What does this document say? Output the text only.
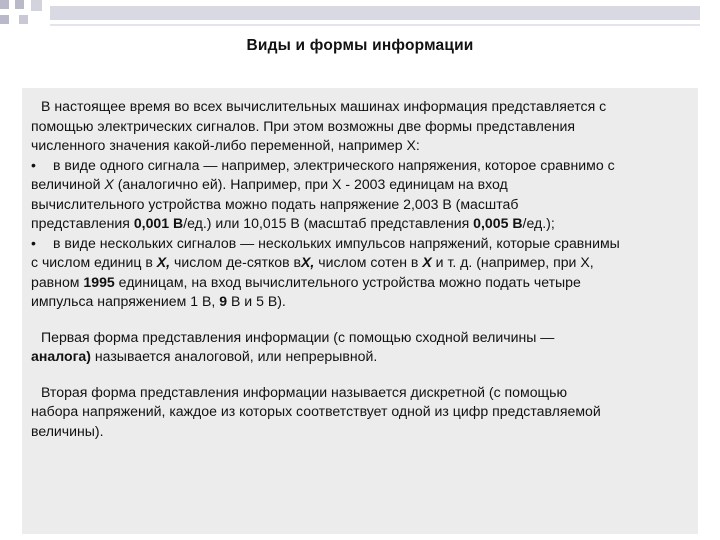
Виды и формы информации

В настоящее время во всех вычислительных машинах информация представляется с
помощью электрических сигналов. При этом возможны две формы представления
численного значения какой-либо переменной, например Х:
• в виде одного сигнала — например, электрического напряжения, которое сравнимо с
величиной Х (аналогично ей). Например, при Х - 2003 единицам на вход
вычислительного устройства можно подать напряжение 2,003 В (масштаб
представления 0,001 В/ед.) или 10,015 В (масштаб представления 0,005 В/ед.);
• в виде нескольких сигналов — нескольких импульсов напряжений, которые сравнимы
с числом единиц в Х, числом де-сятков вХ, числом сотен в Х и т. д. (например, при Х,
равном 1995 единицам, на вход вычислительного устройства можно подать четыре
импульса напряжением 1 В, 9 В и 5 В).

Первая форма представления информации (с помощью сходной величины —
аналога) называется аналоговой, или непрерывной.

Вторая форма представления информации называется дискретной (с помощью
набора напряжений, каждое из которых соответствует одной из цифр представляемой
величины).
